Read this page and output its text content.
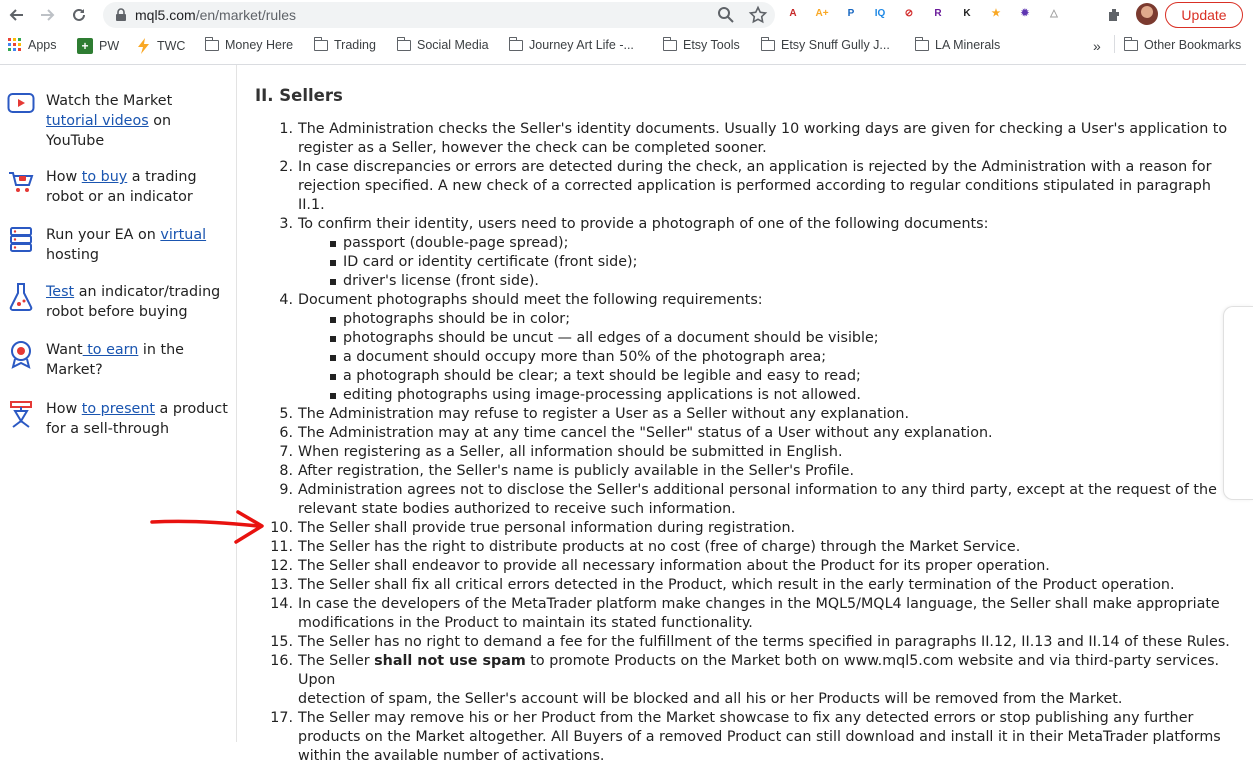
mql5.com/en/market/rules	A	A+	P	IQ	⊘	R	K	★	✹	△	Update
Apps	+ PW	TWC	Money Here	Trading	Social Media	Journey Art Life -...	Etsy Tools	Etsy Snuff Gully J...	LA Minerals	»	Other Bookmarks
Watch the Market tutorial videos on YouTube
How to buy a trading robot or an indicator
Run your EA on virtual hosting
Test an indicator/trading robot before buying
Want to earn in the Market?
How to present a product for a sell-through
II. Sellers
1. The Administration checks the Seller's identity documents. Usually 10 working days are given for checking a User's application to
register as a Seller, however the check can be completed sooner.
2. In case discrepancies or errors are detected during the check, an application is rejected by the Administration with a reason for
rejection specified. A new check of a corrected application is performed according to regular conditions stipulated in paragraph II.1.
3. To confirm their identity, users need to provide a photograph of one of the following documents:
passport (double-page spread);
ID card or identity certificate (front side);
driver's license (front side).
4. Document photographs should meet the following requirements:
photographs should be in color;
photographs should be uncut — all edges of a document should be visible;
a document should occupy more than 50% of the photograph area;
a photograph should be clear; a text should be legible and easy to read;
editing photographs using image-processing applications is not allowed.
5. The Administration may refuse to register a User as a Seller without any explanation.
6. The Administration may at any time cancel the "Seller" status of a User without any explanation.
7. When registering as a Seller, all information should be submitted in English.
8. After registration, the Seller's name is publicly available in the Seller's Profile.
9. Administration agrees not to disclose the Seller's additional personal information to any third party, except at the request of the
relevant state bodies authorized to receive such information.
10. The Seller shall provide true personal information during registration.
11. The Seller has the right to distribute products at no cost (free of charge) through the Market Service.
12. The Seller shall endeavor to provide all necessary information about the Product for its proper operation.
13. The Seller shall fix all critical errors detected in the Product, which result in the early termination of the Product operation.
14. In case the developers of the MetaTrader platform make changes in the MQL5/MQL4 language, the Seller shall make appropriate
modifications in the Product to maintain its stated functionality.
15. The Seller has no right to demand a fee for the fulfillment of the terms specified in paragraphs II.12, II.13 and II.14 of these Rules.
16. The Seller shall not use spam to promote Products on the Market both on www.mql5.com website and via third-party services. Upon
detection of spam, the Seller's account will be blocked and all his or her Products will be removed from the Market.
17. The Seller may remove his or her Product from the Market showcase to fix any detected errors or stop publishing any further
products on the Market altogether. All Buyers of a removed Product can still download and install it in their MetaTrader platforms
within the available number of activations.
